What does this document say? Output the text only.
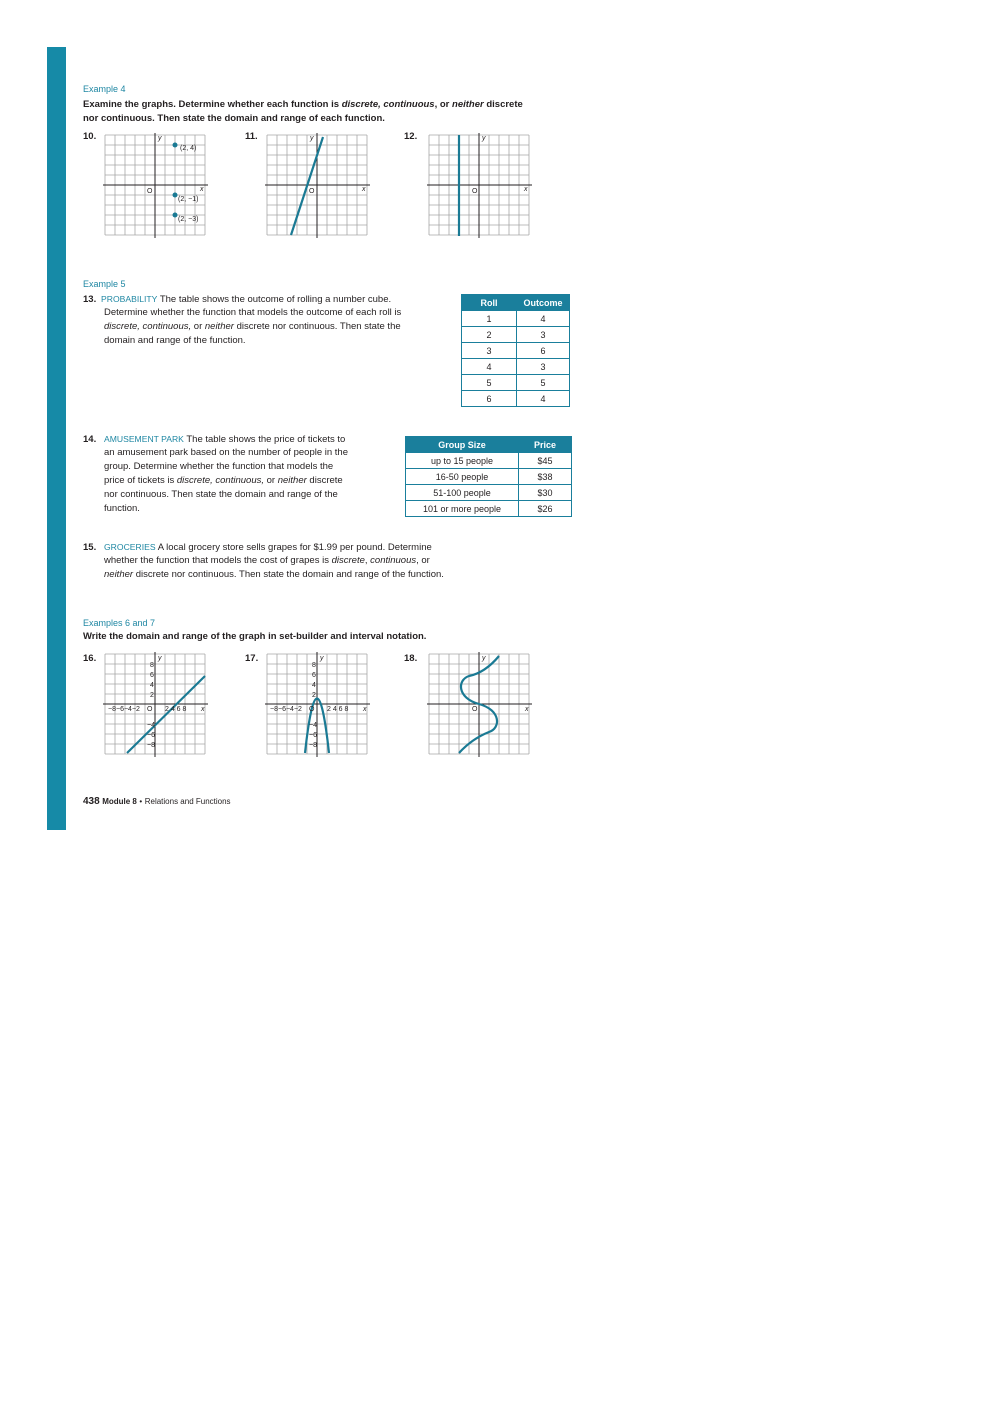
Example 4
Examine the graphs. Determine whether each function is discrete, continuous, or neither discrete
nor continuous. Then state the domain and range of each function.
10.	11.	12.
(2, 4)
(2, −1)
(2, −3)
O	x
y
O	x
y
O	x
y
Example 5
13. PROBABILITY The table shows the outcome of rolling a number cube.
Determine whether the function that models the outcome of each roll is
discrete, continuous, or neither discrete nor continuous. Then state the
domain and range of the function.
Roll	Outcome
1	4
2	3
3	6
4	3
5	5
6	4
14. AMUSEMENT PARK The table shows the price of tickets to
an amusement park based on the number of people in the
group. Determine whether the function that models the
price of tickets is discrete, continuous, or neither discrete
nor continuous. Then state the domain and range of the
function.
Group Size	Price
up to 15 people	$45
16-50 people	$38
51-100 people	$30
101 or more people	$26
15. GROCERIES A local grocery store sells grapes for $1.99 per pound. Determine
whether the function that models the cost of grapes is discrete, continuous, or
neither discrete nor continuous. Then state the domain and range of the function.
Examples 6 and 7
Write the domain and range of the graph in set-builder and interval notation.
16.	17.	18.
−8−6−4−2 O 2 4 6 8
8
6
4
2
−4
−6
−8
x
y
−8−6−4−2 O 2 4 6 8
8
6
4
2
−4
−6
−8
x
y
O	x
y
438 Module 8 • Relations and Functions
